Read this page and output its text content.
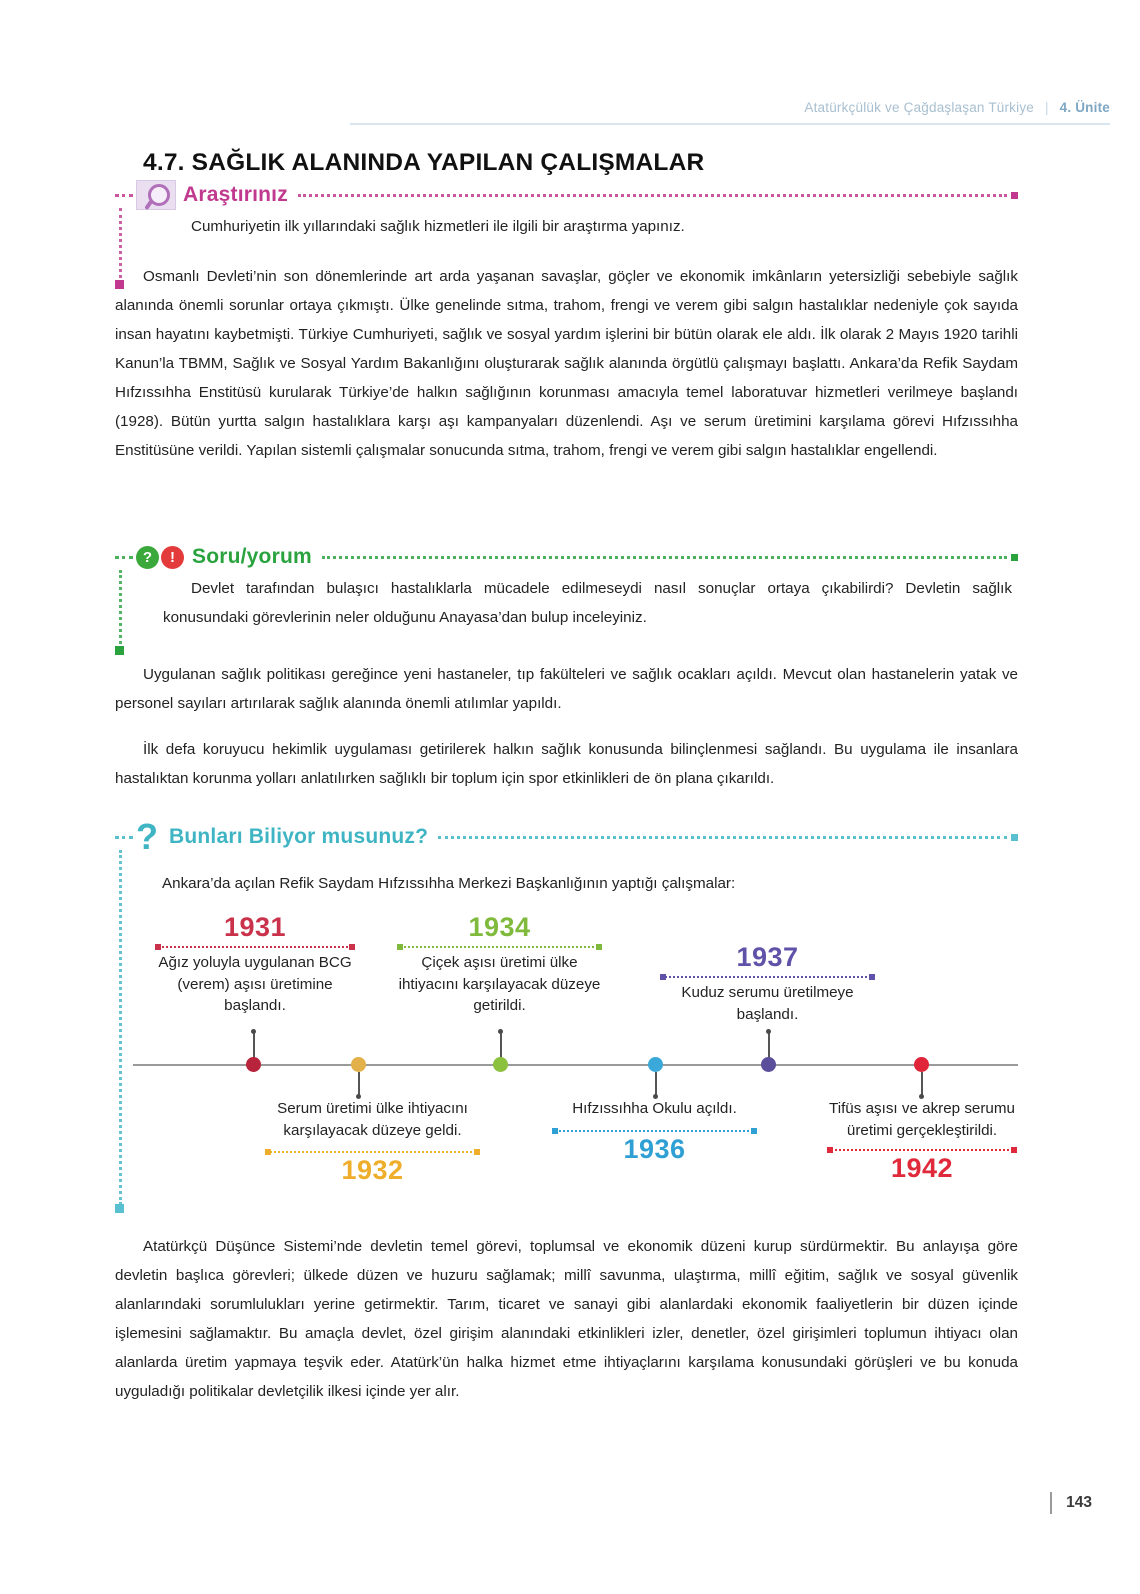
Atatürkçülük ve Çağdaşlaşan Türkiye | 4. Ünite
4.7. SAĞLIK ALANINDA YAPILAN ÇALIŞMALAR
Araştırınız
Cumhuriyetin ilk yıllarındaki sağlık hizmetleri ile ilgili bir araştırma yapınız.

Osmanlı Devleti’nin son dönemlerinde art arda yaşanan savaşlar, göçler ve ekonomik imkânların yetersizliği sebebiyle sağlık alanında önemli sorunlar ortaya çıkmıştı. Ülke genelinde sıtma, trahom, frengi ve verem gibi salgın hastalıklar nedeniyle çok sayıda insan hayatını kaybetmişti. Türkiye Cumhuriyeti, sağlık ve sosyal yardım işlerini bir bütün olarak ele aldı. İlk olarak 2 Mayıs 1920 tarihli Kanun’la TBMM, Sağlık ve Sosyal Yardım Bakanlığını oluşturarak sağlık alanında örgütlü çalışmayı başlattı. Ankara’da Refik Saydam Hıfzıssıhha Enstitüsü kurularak Türkiye’de halkın sağlığının korunması amacıyla temel laboratuvar hizmetleri verilmeye başlandı (1928). Bütün yurtta salgın hastalıklara karşı aşı kampanyaları düzenlendi. Aşı ve serum üretimini karşılama görevi Hıfzıssıhha Enstitüsüne verildi. Yapılan sistemli çalışmalar sonucunda sıtma, trahom, frengi ve verem gibi salgın hastalıklar engellendi.

?	! Soru/yorum
Devlet tarafından bulaşıcı hastalıklarla mücadele edilmeseydi nasıl sonuçlar ortaya çıkabilirdi? Devletin sağlık konusundaki görevlerinin neler olduğunu Anayasa’dan bulup inceleyiniz.

Uygulanan sağlık politikası gereğince yeni hastaneler, tıp fakülteleri ve sağlık ocakları açıldı. Mevcut olan hastanelerin yatak ve personel sayıları artırılarak sağlık alanında önemli atılımlar yapıldı.

İlk defa koruyucu hekimlik uygulaması getirilerek halkın sağlık konusunda bilinçlenmesi sağlandı. Bu uygulama ile insanlara hastalıktan korunma yolları anlatılırken sağlıklı bir toplum için spor etkinlikleri de ön plana çıkarıldı.

? Bunları Biliyor musunuz?
Ankara’da açılan Refik Saydam Hıfzıssıhha Merkezi Başkanlığının yaptığı çalışmalar:
1931
Ağız yoluyla uygulanan BCG (verem) aşısı üretimine başlandı.
Serum üretimi ülke ihtiyacını karşılayacak düzeye geldi.
1932
1934
Çiçek aşısı üretimi ülke ihtiyacını karşılayacak düzeye getirildi.
Hıfzıssıhha Okulu açıldı.
1936
1937
Kuduz serumu üretilmeye başlandı.
Tifüs aşısı ve akrep serumu üretimi gerçekleştirildi.
1942

Atatürkçü Düşünce Sistemi’nde devletin temel görevi, toplumsal ve ekonomik düzeni kurup sürdürmektir. Bu anlayışa göre devletin başlıca görevleri; ülkede düzen ve huzuru sağlamak; millî savunma, ulaştırma, millî eğitim, sağlık ve sosyal güvenlik alanlarındaki sorumlulukları yerine getirmektir. Tarım, ticaret ve sanayi gibi alanlardaki ekonomik faaliyetlerin bir düzen içinde işlemesini sağlamaktır. Bu amaçla devlet, özel girişim alanındaki etkinlikleri izler, denetler, özel girişimleri toplumun ihtiyacı olan alanlarda üretim yapmaya teşvik eder. Atatürk’ün halka hizmet etme ihtiyaçlarını karşılama konusundaki görüşleri ve bu konuda uyguladığı politikalar devletçilik ilkesi içinde yer alır.

143
